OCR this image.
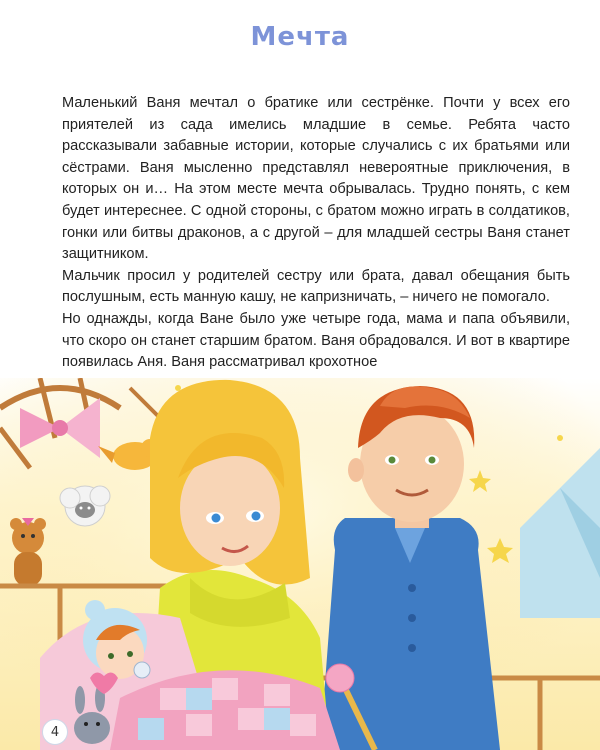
Мечта

Маленький Ваня мечтал о братике или сестрёнке. Почти у всех его приятелей из сада имелись младшие в семье. Ребята часто рассказывали забавные истории, которые случались с их братьями или сёстрами. Ваня мысленно представлял невероятные приключения, в которых он и… На этом месте мечта обрывалась. Трудно понять, с кем будет интереснее. С одной стороны, с братом можно играть в солдатиков, гонки или битвы драконов, а с другой – для младшей сестры Ваня станет защитником.

Мальчик просил у родителей сестру или брата, давал обещания быть послушным, есть манную кашу, не капризничать, – ничего не помогало.

Но однажды, когда Ване было уже четыре года, мама и папа объявили, что скоро он станет старшим братом. Ваня обрадовался. И вот в квартире появилась Аня. Ваня рассматривал крохотное

4
